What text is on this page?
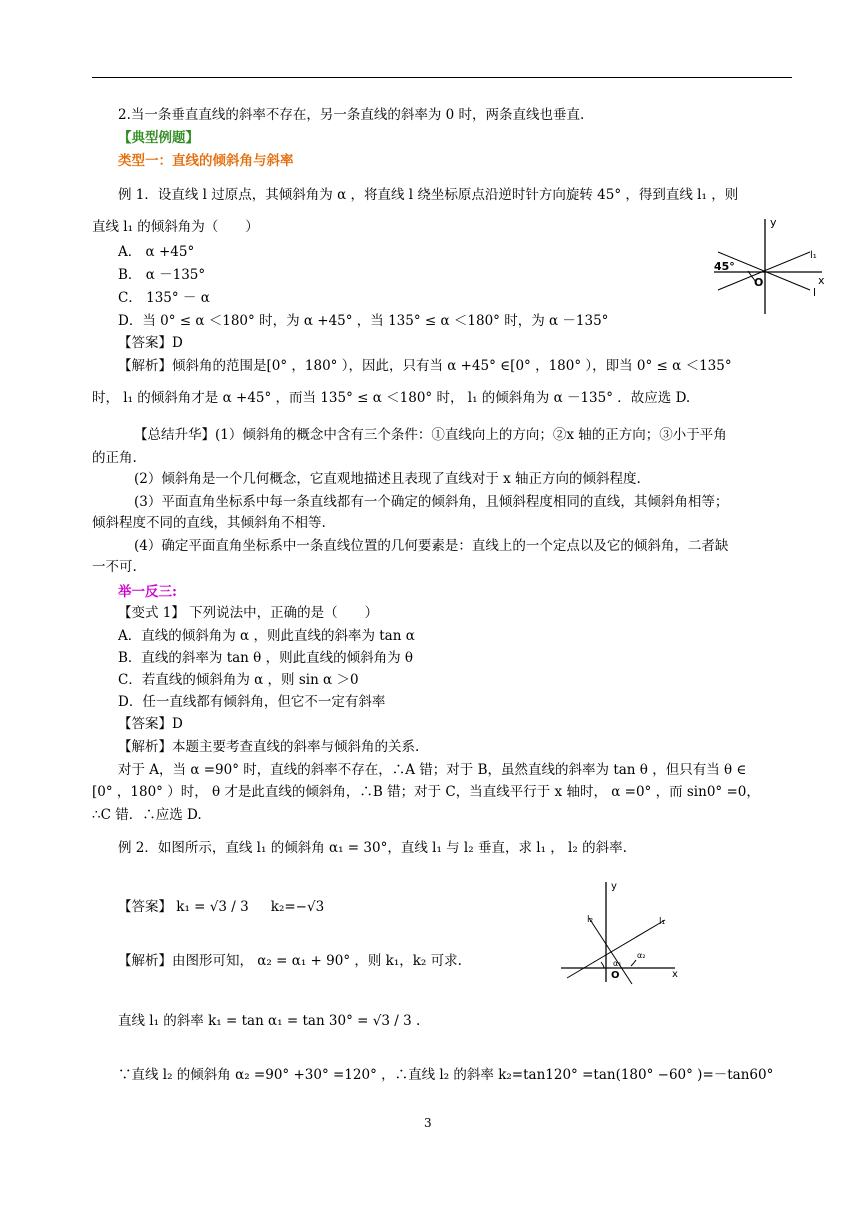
2.当一条垂直直线的斜率不存在，另一条直线的斜率为 0 时，两条直线也垂直.
【典型例题】
类型一：直线的倾斜角与斜率
例 1．设直线 l 过原点，其倾斜角为 α ，将直线 l 绕坐标原点沿逆时针方向旋转 45° ，得到直线 l₁ ，则
直线 l₁ 的倾斜角为（　　）
A． α +45°
B． α －135°
C． 135° － α
D．当 0° ≤ α ＜180° 时，为 α +45° ，当 135° ≤ α ＜180° 时，为 α －135°
【答案】D
【解析】倾斜角的范围是[0° ，180° ），因此，只有当 α +45° ∈[0° ，180° ），即当 0° ≤ α ＜135°
时， l₁ 的倾斜角才是 α +45° ，而当 135° ≤ α ＜180° 时， l₁ 的倾斜角为 α －135° ．故应选 D.
【总结升华】(1）倾斜角的概念中含有三个条件：①直线向上的方向；②x 轴的正方向；③小于平角
的正角.
(2）倾斜角是一个几何概念，它直观地描述且表现了直线对于 x 轴正方向的倾斜程度.
(3）平面直角坐标系中每一条直线都有一个确定的倾斜角，且倾斜程度相同的直线，其倾斜角相等；
倾斜程度不同的直线，其倾斜角不相等.
(4）确定平面直角坐标系中一条直线位置的几何要素是：直线上的一个定点以及它的倾斜角，二者缺
一不可.
举一反三:
【变式 1】 下列说法中，正确的是（　　）
A．直线的倾斜角为 α ，则此直线的斜率为 tan α
B．直线的斜率为 tan θ ，则此直线的倾斜角为 θ
C．若直线的倾斜角为 α ，则 sin α ＞0
D．任一直线都有倾斜角，但它不一定有斜率
【答案】D
【解析】本题主要考查直线的斜率与倾斜角的关系.
对于 A，当 α =90° 时，直线的斜率不存在，∴A 错；对于 B，虽然直线的斜率为 tan θ ，但只有当 θ ∈
[0° ，180° ）时， θ 才是此直线的倾斜角，∴B 错；对于 C，当直线平行于 x 轴时， α =0° ，而 sin0° =0，
∴C 错．∴应选 D.
例 2．如图所示，直线 l₁ 的倾斜角 α₁ = 30°，直线 l₁ 与 l₂ 垂直，求 l₁ ， l₂ 的斜率.
【答案】 k₁ = √3 / 3 　 k₂=−√3
【解析】由图形可知， α₂ = α₁ + 90° ，则 k₁，k₂ 可求.
直线 l₁ 的斜率 k₁ = tan α₁ = tan 30° = √3 / 3 .
∵直线 l₂ 的倾斜角 α₂ =90° +30° =120° ，∴直线 l₂ 的斜率 k₂=tan120° =tan(180° −60° )=－tan60°
y
x
O
45°
l₁
l
y
x
O
l₂	l₁
α₁
α₂
3
